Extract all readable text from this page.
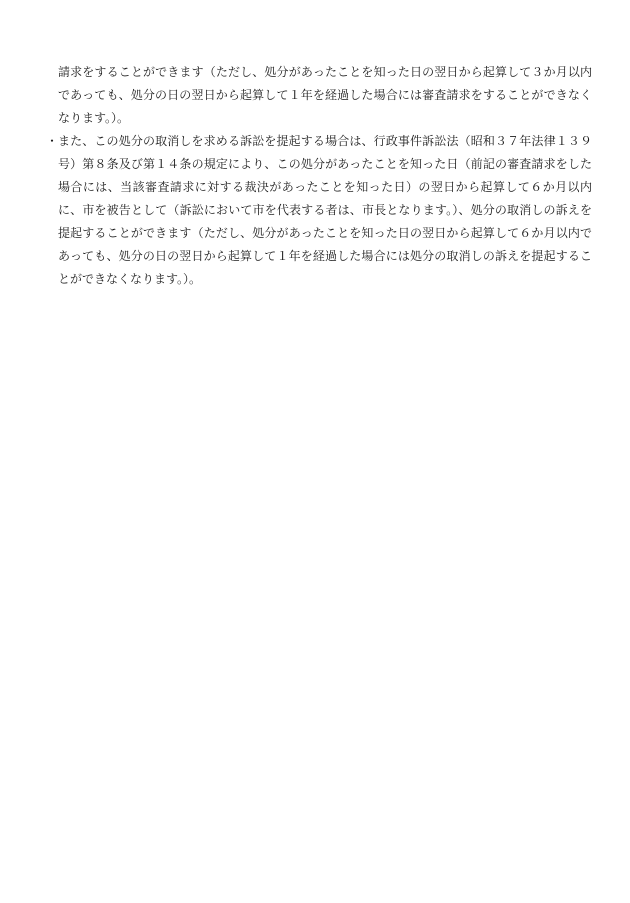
請求をすることができます（ただし、処分があったことを知った日の翌日から起算して３か月以内であっても、処分の日の翌日から起算して１年を経過した場合には審査請求をすることができなくなります。）。

・ また、この処分の取消しを求める訴訟を提起する場合は、行政事件訴訟法（昭和３７年法律１３９号）第８条及び第１４条の規定により、この処分があったことを知った日（前記の審査請求をした場合には、当該審査請求に対する裁決があったことを知った日）の翌日から起算して６か月以内に、市を被告として（訴訟において市を代表する者は、市長となります。）、処分の取消しの訴えを提起することができます（ただし、処分があったことを知った日の翌日から起算して６か月以内であっても、処分の日の翌日から起算して１年を経過した場合には処分の取消しの訴えを提起することができなくなります。）。
